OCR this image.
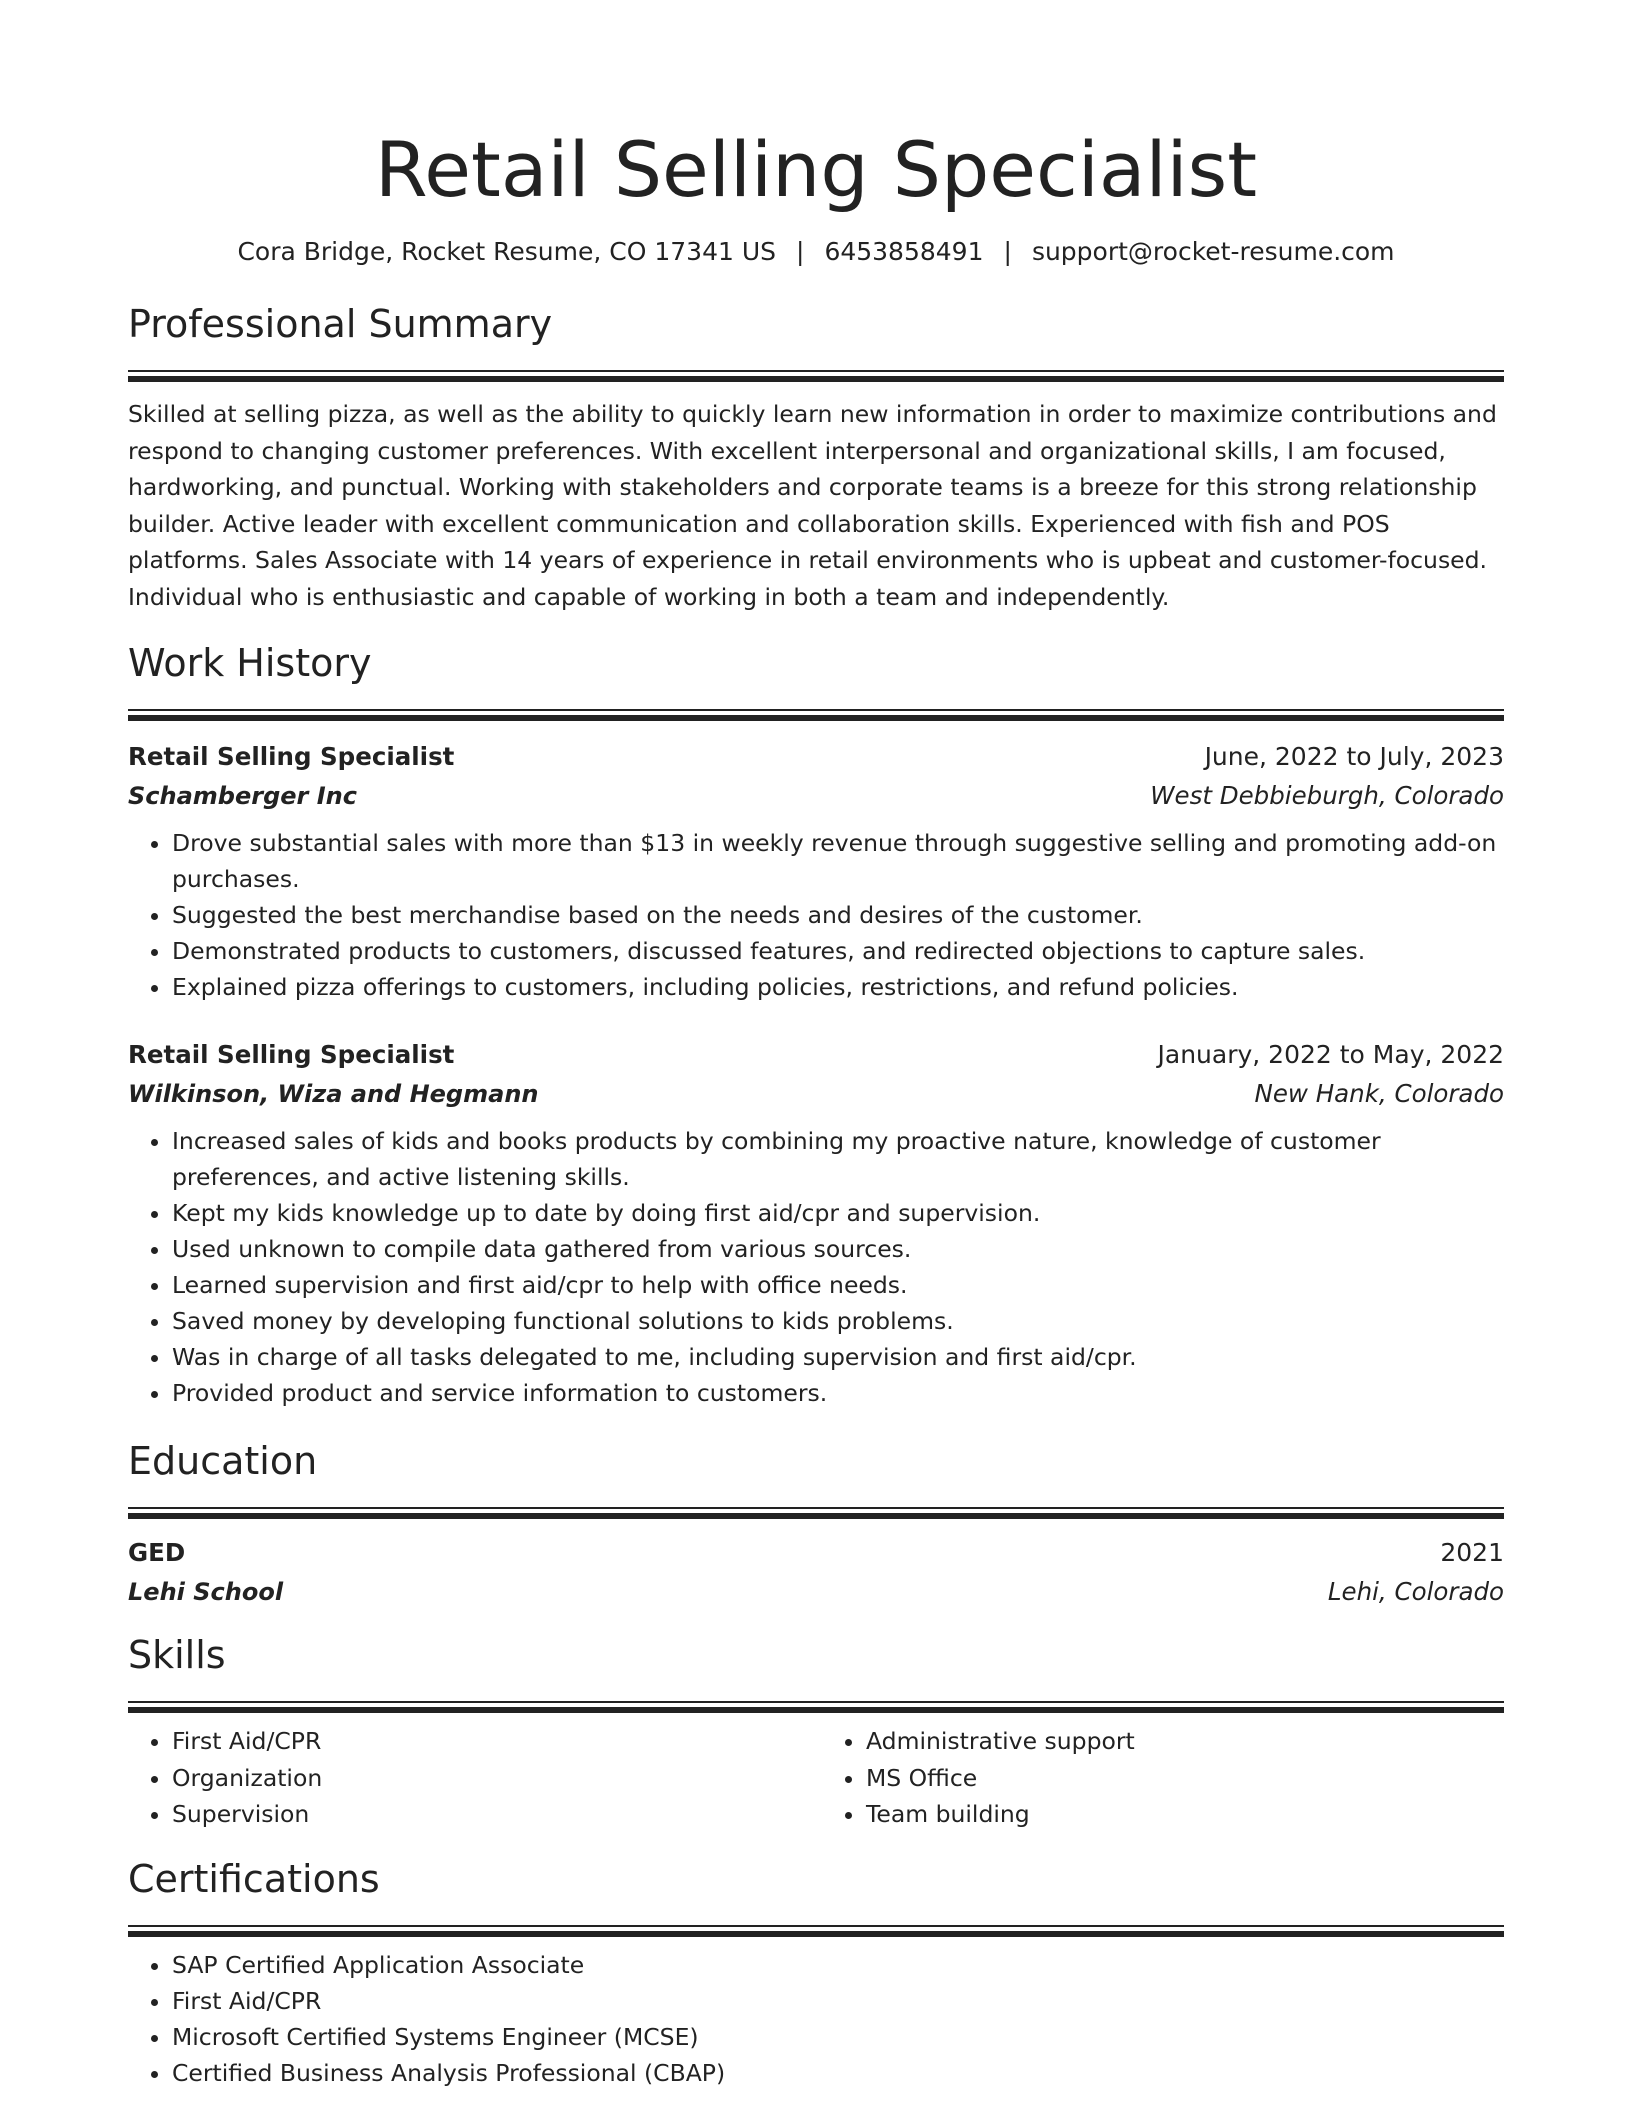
Retail Selling Specialist
Cora Bridge, Rocket Resume, CO 17341 US | 6453858491 | support@rocket-resume.com
Professional Summary

Skilled at selling pizza, as well as the ability to quickly learn new information in order to maximize contributions and respond to changing customer preferences. With excellent interpersonal and organizational skills, I am focused, hardworking, and punctual. Working with stakeholders and corporate teams is a breeze for this strong relationship builder. Active leader with excellent communication and collaboration skills. Experienced with fish and POS platforms. Sales Associate with 14 years of experience in retail environments who is upbeat and customer-focused. Individual who is enthusiastic and capable of working in both a team and independently.

Work History
Retail Selling Specialist	June, 2022 to July, 2023
Schamberger Inc	West Debbieburgh, Colorado
• Drove substantial sales with more than $13 in weekly revenue through suggestive selling and promoting add-on purchases.
• Suggested the best merchandise based on the needs and desires of the customer.
• Demonstrated products to customers, discussed features, and redirected objections to capture sales.
• Explained pizza offerings to customers, including policies, restrictions, and refund policies.
Retail Selling Specialist	January, 2022 to May, 2022
Wilkinson, Wiza and Hegmann	New Hank, Colorado
• Increased sales of kids and books products by combining my proactive nature, knowledge of customer preferences, and active listening skills.
• Kept my kids knowledge up to date by doing first aid/cpr and supervision.
• Used unknown to compile data gathered from various sources.
• Learned supervision and first aid/cpr to help with office needs.
• Saved money by developing functional solutions to kids problems.
• Was in charge of all tasks delegated to me, including supervision and first aid/cpr.
• Provided product and service information to customers.
Education
GED	2021
Lehi School	Lehi, Colorado
Skills
• First Aid/CPR
• Organization
• Supervision
• Administrative support
• MS Office
• Team building
Certifications
• SAP Certified Application Associate
• First Aid/CPR
• Microsoft Certified Systems Engineer (MCSE)
• Certified Business Analysis Professional (CBAP)
